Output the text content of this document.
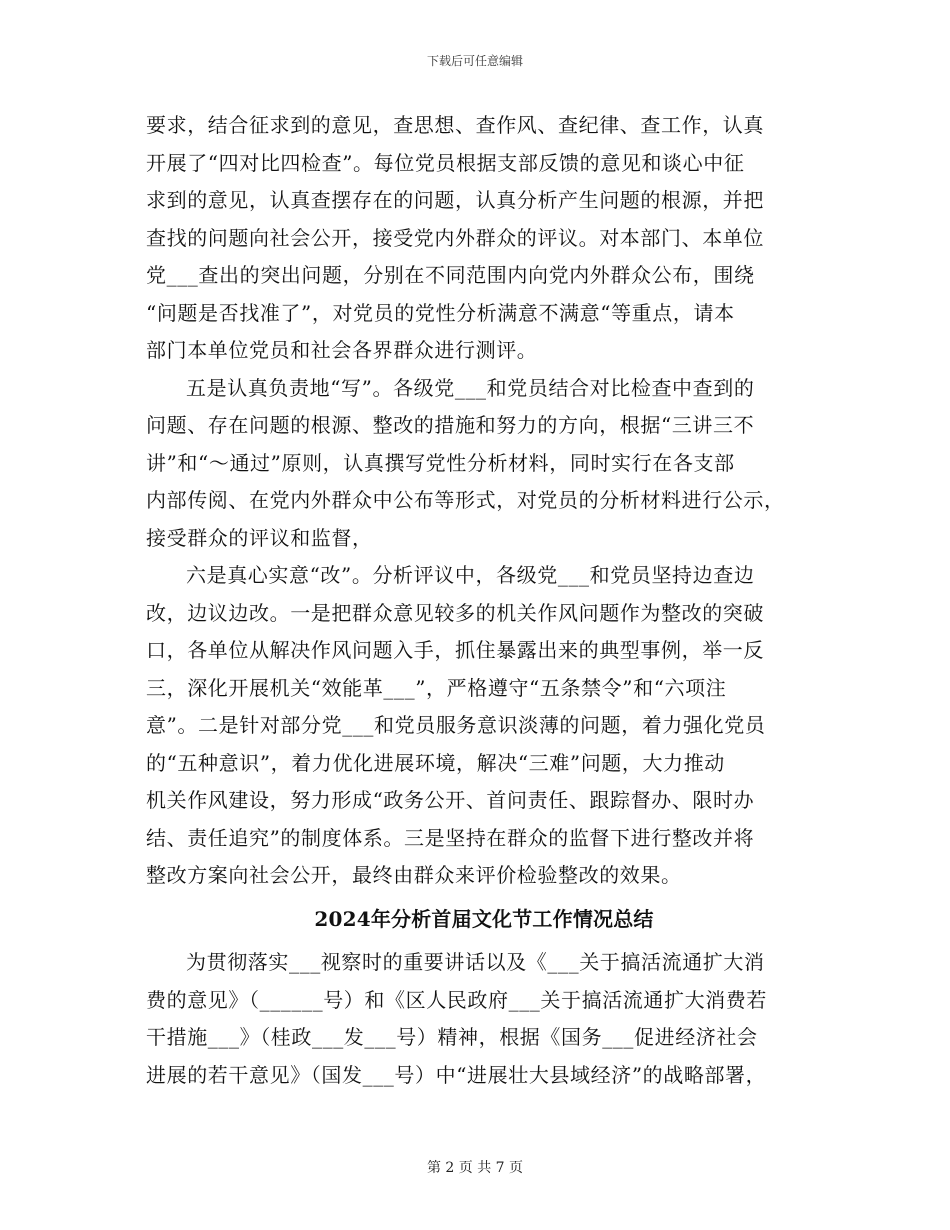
下载后可任意编辑
要求，结合征求到的意见，查思想、查作风、查纪律、查工作，认真
开展了“四对比四检查”。每位党员根据支部反馈的意见和谈心中征
求到的意见，认真查摆存在的问题，认真分析产生问题的根源，并把
查找的问题向社会公开，接受党内外群众的评议。对本部门、本单位
党___查出的突出问题，分别在不同范围内向党内外群众公布，围绕
“问题是否找准了”，对党员的党性分析满意不满意“等重点，请本
部门本单位党员和社会各界群众进行测评。
五是认真负责地“写”。各级党___和党员结合对比检查中查到的
问题、存在问题的根源、整改的措施和努力的方向，根据“三讲三不
讲”和“～通过”原则，认真撰写党性分析材料，同时实行在各支部
内部传阅、在党内外群众中公布等形式，对党员的分析材料进行公示，
接受群众的评议和监督，
六是真心实意“改”。分析评议中，各级党___和党员坚持边查边
改，边议边改。一是把群众意见较多的机关作风问题作为整改的突破
口，各单位从解决作风问题入手，抓住暴露出来的典型事例，举一反
三，深化开展机关“效能革___”，严格遵守“五条禁令”和“六项注
意”。二是针对部分党___和党员服务意识淡薄的问题，着力强化党员
的“五种意识”，着力优化进展环境，解决“三难”问题，大力推动
机关作风建设，努力形成“政务公开、首问责任、跟踪督办、限时办
结、责任追究”的制度体系。三是坚持在群众的监督下进行整改并将
整改方案向社会公开，最终由群众来评价检验整改的效果。
2024年分析首届文化节工作情况总结
为贯彻落实___视察时的重要讲话以及《___关于搞活流通扩大消
费的意见》（______号）和《区人民政府___关于搞活流通扩大消费若
干措施___》（桂政___发___号）精神，根据《国务___促进经济社会
进展的若干意见》（国发___号）中“进展壮大县域经济”的战略部署，
第 2 页 共 7 页
